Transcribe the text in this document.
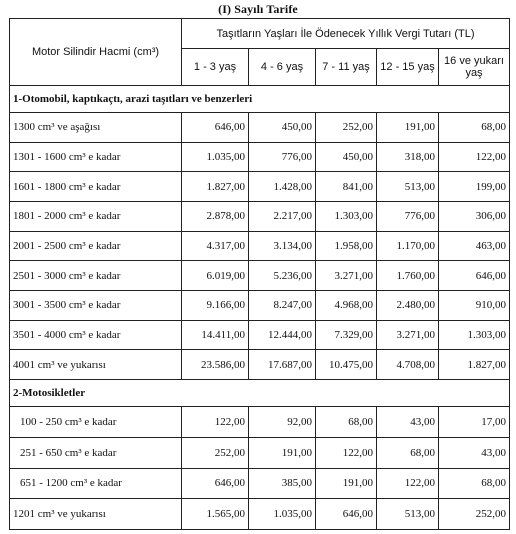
(I) Sayılı Tarife
Motor Silindir Hacmi (cm³)	Taşıtların Yaşları İle Ödenecek Yıllık Vergi Tutarı (TL)				
	1 - 3 yaş	4 - 6 yaş	7 - 11 yaş	12 - 15 yaş	16 ve yukarı yaş
1-Otomobil, kaptıkaçtı, arazi taşıtları ve benzerleri					
1300 cm³ ve aşağısı	646,00	450,00	252,00	191,00	68,00
1301 - 1600 cm³ e kadar	1.035,00	776,00	450,00	318,00	122,00
1601 - 1800 cm³ e kadar	1.827,00	1.428,00	841,00	513,00	199,00
1801 - 2000 cm³ e kadar	2.878,00	2.217,00	1.303,00	776,00	306,00
2001 - 2500 cm³ e kadar	4.317,00	3.134,00	1.958,00	1.170,00	463,00
2501 - 3000 cm³ e kadar	6.019,00	5.236,00	3.271,00	1.760,00	646,00
3001 - 3500 cm³ e kadar	9.166,00	8.247,00	4.968,00	2.480,00	910,00
3501 - 4000 cm³ e kadar	14.411,00	12.444,00	7.329,00	3.271,00	1.303,00
4001 cm³ ve yukarısı	23.586,00	17.687,00	10.475,00	4.708,00	1.827,00
2-Motosikletler					
100 - 250 cm³ e kadar	122,00	92,00	68,00	43,00	17,00
251 - 650 cm³ e kadar	252,00	191,00	122,00	68,00	43,00
651 - 1200 cm³ e kadar	646,00	385,00	191,00	122,00	68,00
1201 cm³ ve yukarısı	1.565,00	1.035,00	646,00	513,00	252,00
